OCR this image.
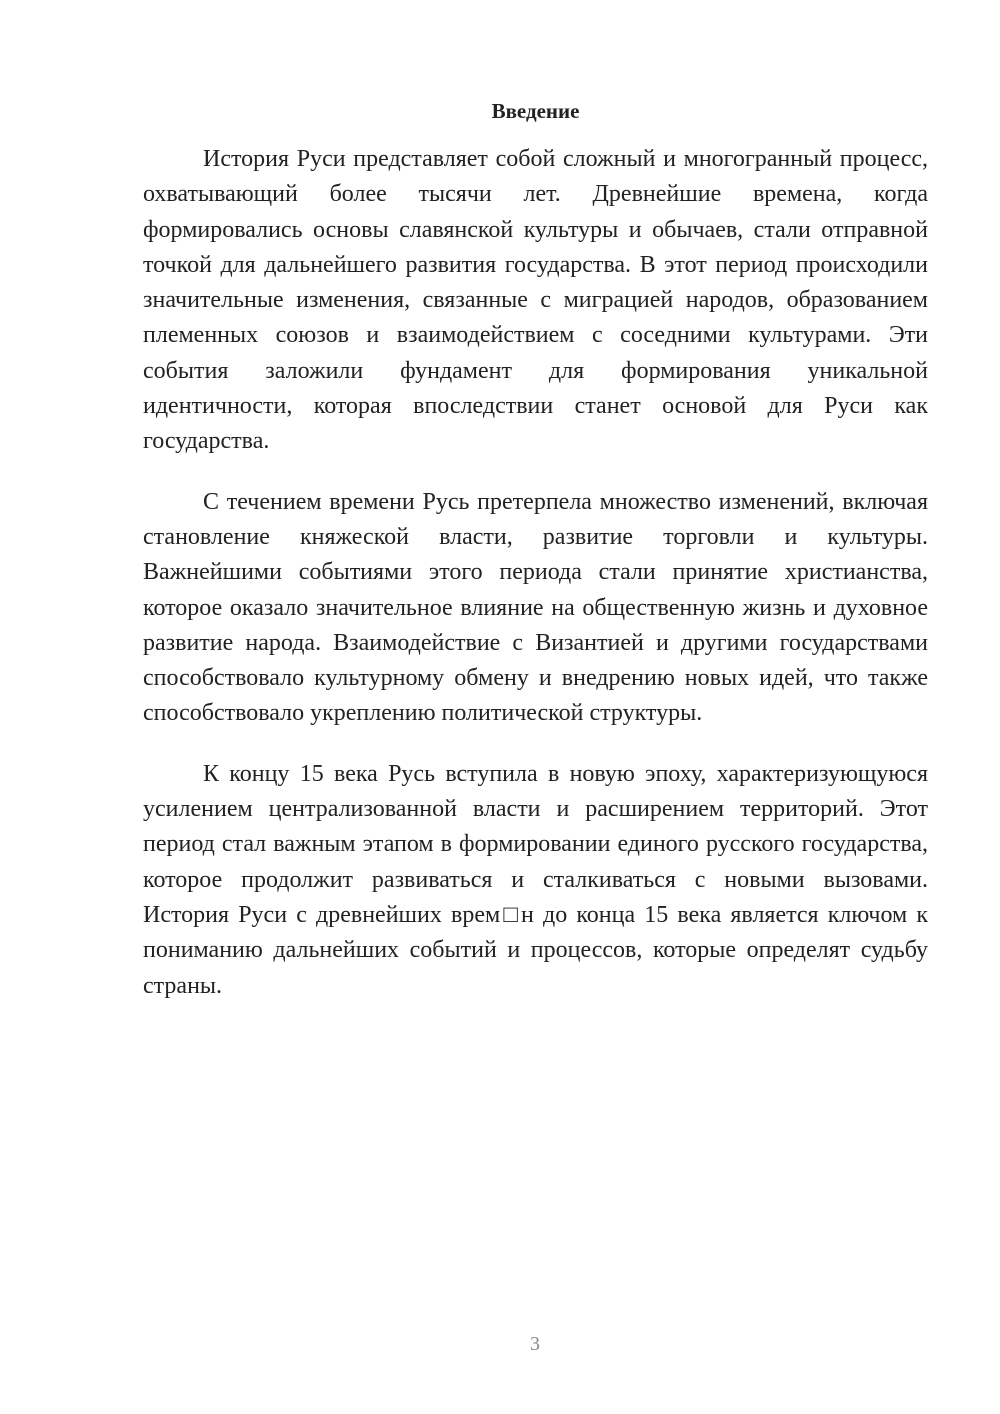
Введение

История Руси представляет собой сложный и многогранный процесс, охватывающий более тысячи лет. Древнейшие времена, когда формировались основы славянской культуры и обычаев, стали отправной точкой для дальнейшего развития государства. В этот период происходили значительные изменения, связанные с миграцией народов, образованием племенных союзов и взаимодействием с соседними культурами. Эти события заложили фундамент для формирования уникальной идентичности, которая впоследствии станет основой для Руси как государства.

С течением времени Русь претерпела множество изменений, включая становление княжеской власти, развитие торговли и культуры. Важнейшими событиями этого периода стали принятие христианства, которое оказало значительное влияние на общественную жизнь и духовное развитие народа. Взаимодействие с Византией и другими государствами способствовало культурному обмену и внедрению новых идей, что также способствовало укреплению политической структуры.

К концу 15 века Русь вступила в новую эпоху, характеризующуюся усилением централизованной власти и расширением территорий. Этот период стал важным этапом в формировании единого русского государства, которое продолжит развиваться и сталкиваться с новыми вызовами. История Руси с древнейших врем□н до конца 15 века является ключом к пониманию дальнейших событий и процессов, которые определят судьбу страны.

3
